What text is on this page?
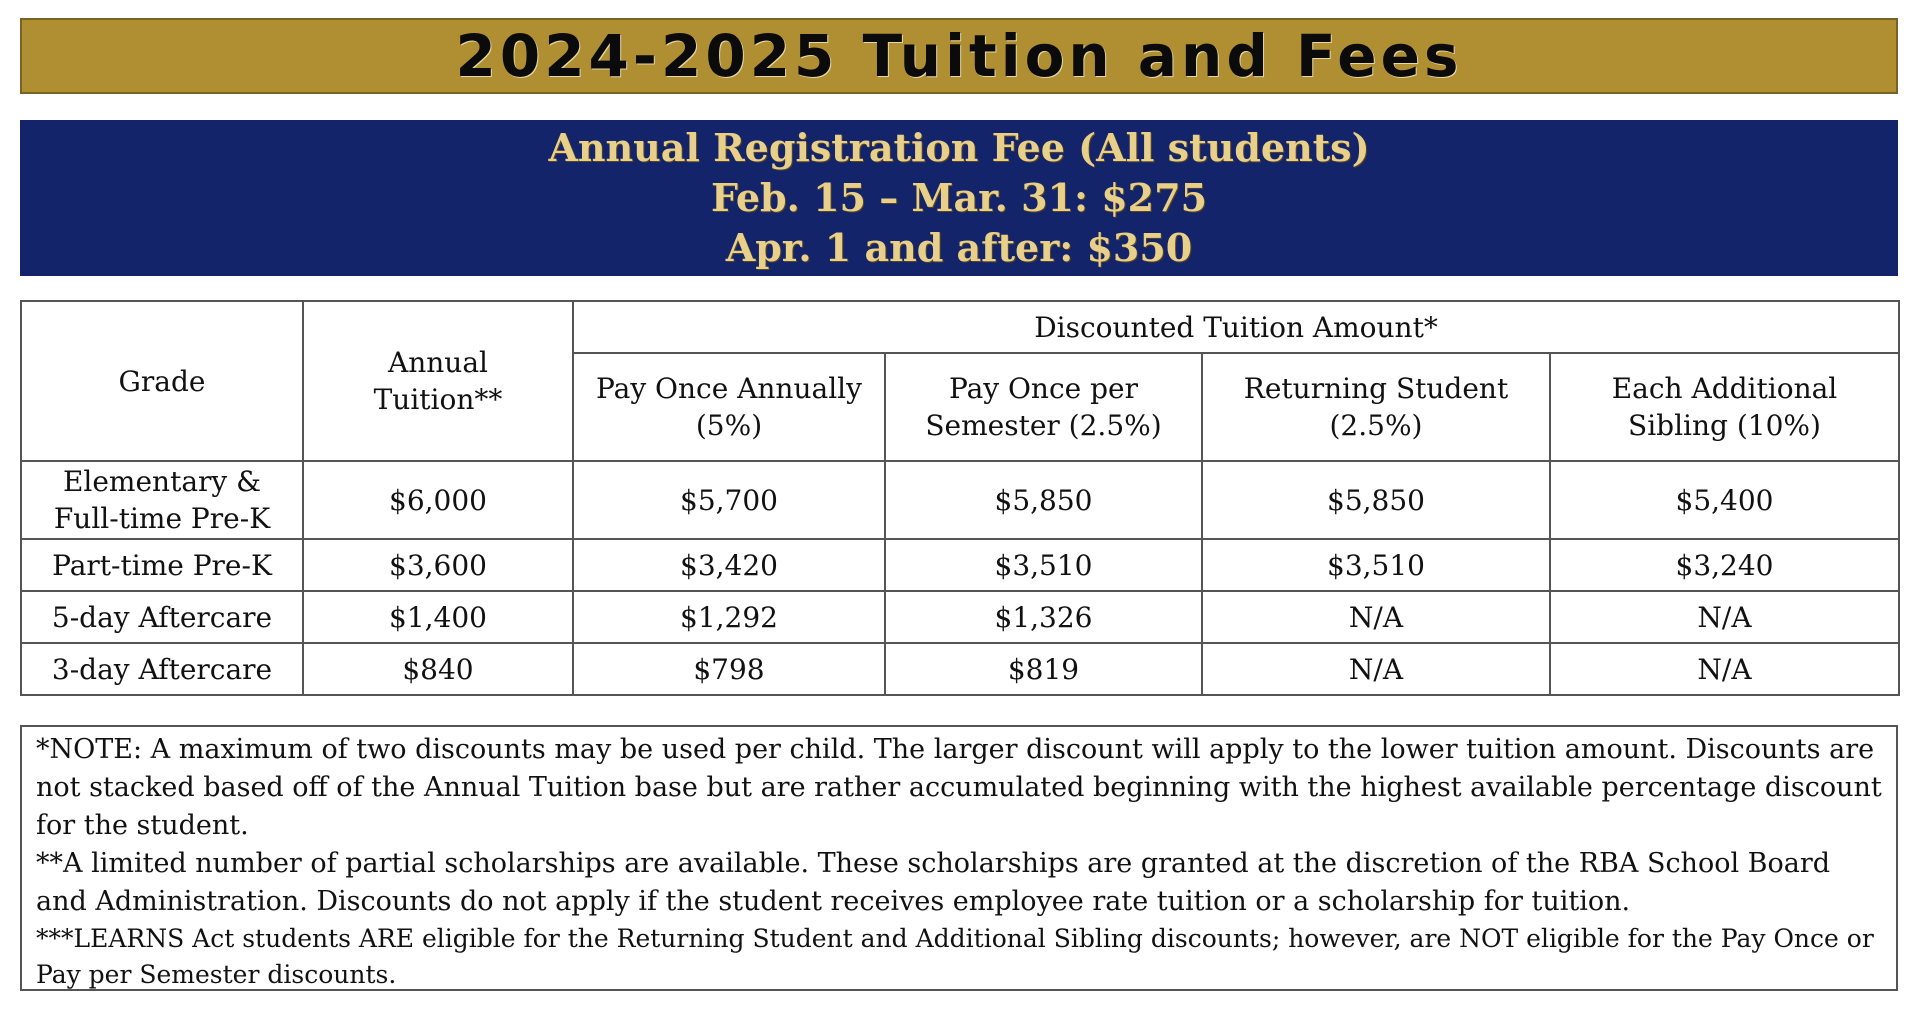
2024-2025 Tuition and Fees
Annual Registration Fee (All students)
Feb. 15 – Mar. 31: $275
Apr. 1 and after: $350
Grade	Annual Tuition**	Discounted Tuition Amount*			

		Pay Once Annually (5%)	Pay Once per Semester (2.5%)	Returning Student (2.5%)	Each Additional Sibling (10%)

Elementary & Full-time Pre-K	$6,000	$5,700	$5,850	$5,850	$5,400
Part-time Pre-K	$3,600	$3,420	$3,510	$3,510	$3,240
5-day Aftercare	$1,400	$1,292	$1,326	N/A	N/A
3-day Aftercare	$840	$798	$819	N/A	N/A

*NOTE: A maximum of two discounts may be used per child. The larger discount will apply to the lower tuition amount. Discounts are not stacked based off of the Annual Tuition base but are rather accumulated beginning with the highest available percentage discount for the student.

**A limited number of partial scholarships are available. These scholarships are granted at the discretion of the RBA School Board and Administration. Discounts do not apply if the student receives employee rate tuition or a scholarship for tuition.

***LEARNS Act students ARE eligible for the Returning Student and Additional Sibling discounts; however, are NOT eligible for the Pay Once or Pay per Semester discounts.
